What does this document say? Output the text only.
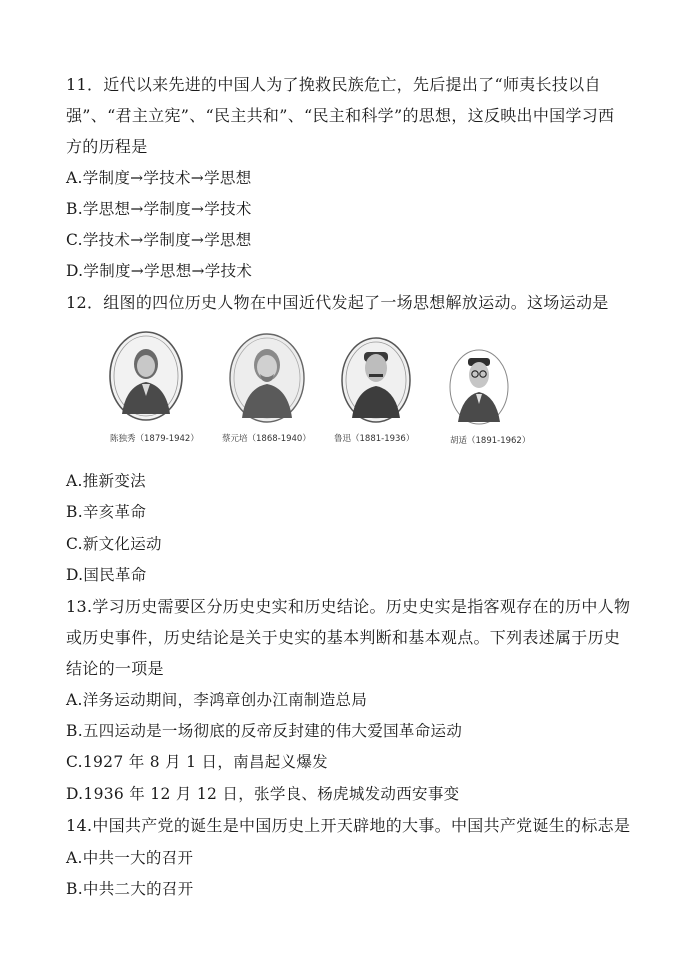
11．近代以来先进的中国人为了挽救民族危亡，先后提出了“师夷长技以自
强”、“君主立宪”、“民主共和”、“民主和科学”的思想，这反映出中国学习西
方的历程是
A.学制度→学技术→学思想
B.学思想→学制度→学技术
C.学技术→学制度→学思想
D.学制度→学思想→学技术
12．组图的四位历史人物在中国近代发起了一场思想解放运动。这场运动是
陈独秀（1879-1942）	蔡元培（1868-1940）	鲁迅（1881-1936）	胡适（1891-1962）
A.推新变法
B.辛亥革命
C.新文化运动
D.国民革命
13.学习历史需要区分历史史实和历史结论。历史史实是指客观存在的历中人物
或历史事件，历史结论是关于史实的基本判断和基本观点。下列表述属于历史
结论的一项是
A.洋务运动期间，李鸿章创办江南制造总局
B.五四运动是一场彻底的反帝反封建的伟大爱国革命运动
C.1927 年 8 月 1 日，南昌起义爆发
D.1936 年 12 月 12 日，张学良、杨虎城发动西安事变
14.中国共产党的诞生是中国历史上开天辟地的大事。中国共产党诞生的标志是
A.中共一大的召开
B.中共二大的召开
